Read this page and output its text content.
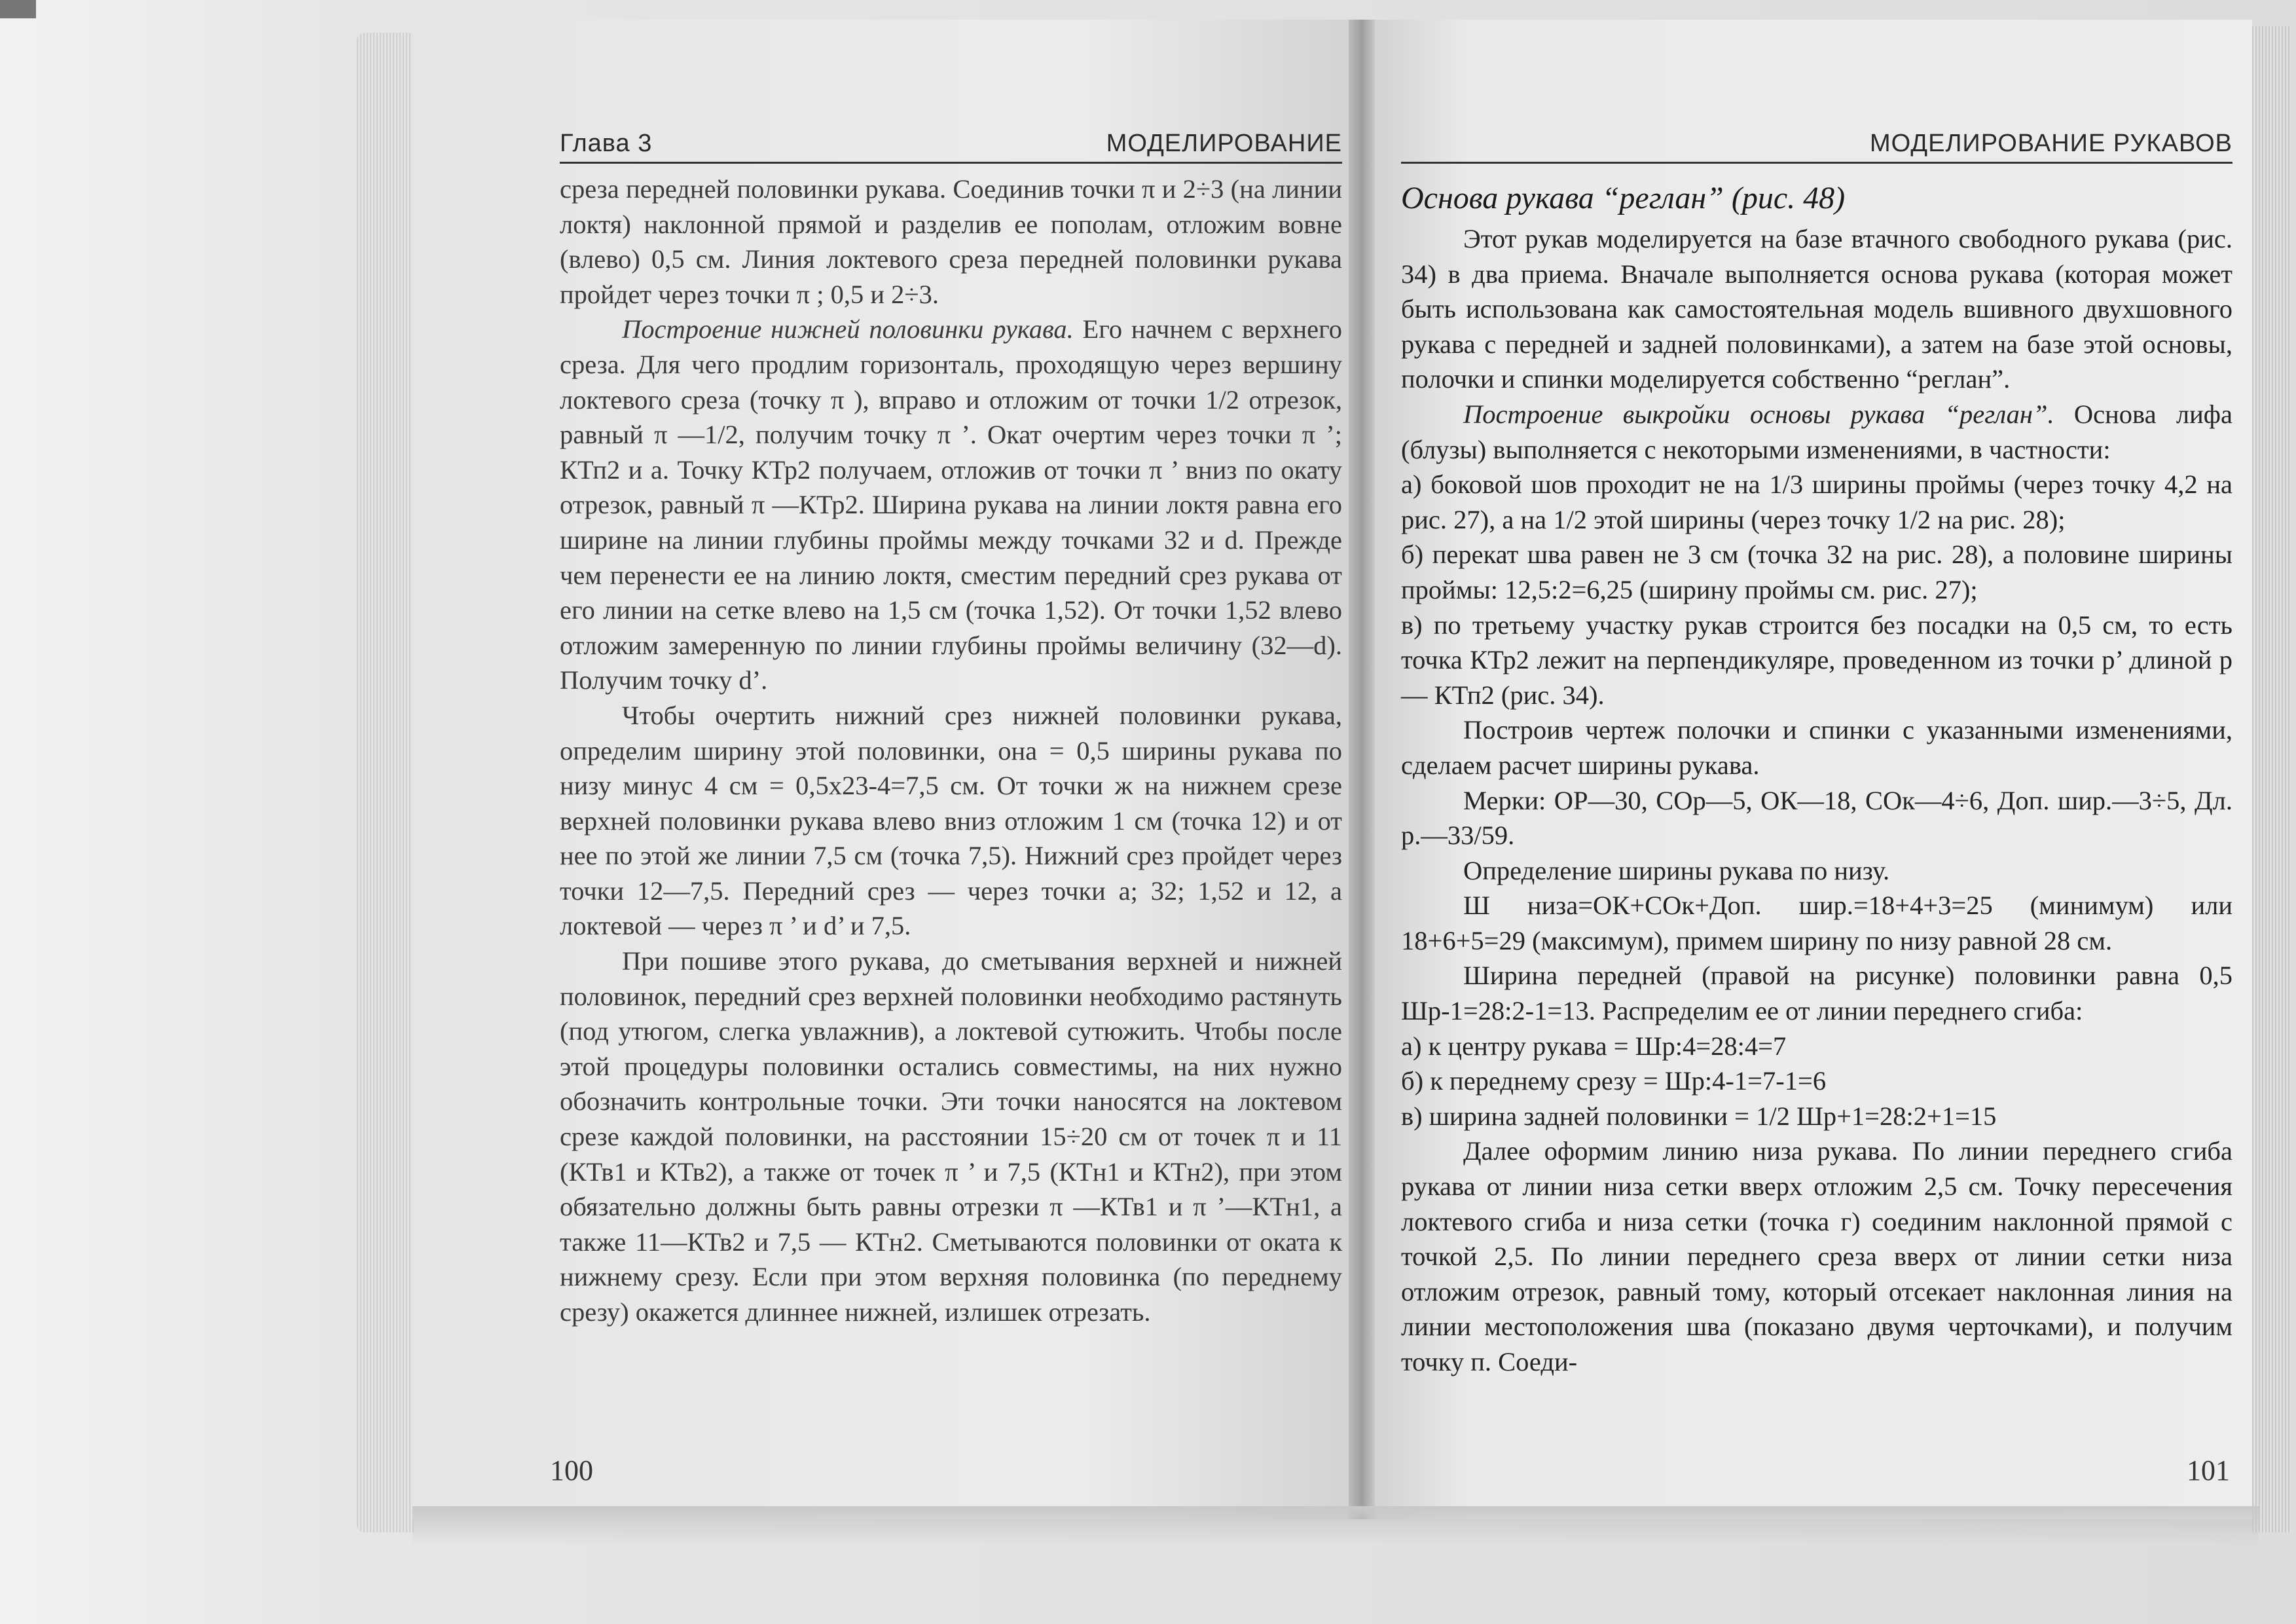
Глава 3	МОДЕЛИРОВАНИЕ

среза передней половинки рукава. Соединив точки π и 2÷3 (на линии локтя) наклонной прямой и разделив ее пополам, отложим вовне (влево) 0,5 см. Линия локтевого среза передней половинки рукава пройдет через точки π ; 0,5 и 2÷3.

Построение нижней половинки рукава. Его начнем с верхнего среза. Для чего продлим горизонталь, проходящую через вершину локтевого среза (точку π ), вправо и отложим от точки 1/2 отрезок, равный π —1/2, получим точку π ’. Окат очертим через точки π ’; КТп2 и a. Точку КТр2 получаем, отложив от точки π ’ вниз по окату отрезок, равный π —КТр2. Ширина рукава на линии локтя равна его ширине на линии глубины проймы между точками 32 и d. Прежде чем перенести ее на линию локтя, сместим передний срез рукава от его линии на сетке влево на 1,5 см (точка 1,52). От точки 1,52 влево отложим замеренную по линии глубины проймы величину (32—d). Получим точку d’.

Чтобы очертить нижний срез нижней половинки рукава, определим ширину этой половинки, она = 0,5 ширины рукава по низу минус 4 см = 0,5х23-4=7,5 см. От точки ж на нижнем срезе верхней половинки рукава влево вниз отложим 1 см (точка 12) и от нее по этой же линии 7,5 см (точка 7,5). Нижний срез пройдет через точки 12—7,5. Передний срез — через точки a; 32; 1,52 и 12, а локтевой — через π ’ и d’ и 7,5.

При пошиве этого рукава, до сметывания верхней и нижней половинок, передний срез верхней половинки необходимо растянуть (под утюгом, слегка увлажнив), а локтевой сутюжить. Чтобы после этой процедуры половинки остались совместимы, на них нужно обозначить контрольные точки. Эти точки наносятся на локтевом срезе каждой половинки, на расстоянии 15÷20 см от точек π и 11 (КТв1 и КТв2), а также от точек π ’ и 7,5 (КТн1 и КТн2), при этом обязательно должны быть равны отрезки π —КТв1 и π ’—КТн1, а также 11—КТв2 и 7,5 — КТн2. Сметываются половинки от оката к нижнему срезу. Если при этом верхняя половинка (по переднему срезу) окажется длиннее нижней, излишек отрезать.

100
МОДЕЛИРОВАНИЕ РУКАВОВ

Основа рукава “реглан” (рис. 48)

Этот рукав моделируется на базе втачного свободного рукава (рис. 34) в два приема. Вначале выполняется основа рукава (которая может быть использована как самостоятельная модель вшивного двухшовного рукава с передней и задней половинками), а затем на базе этой основы, полочки и спинки моделируется собственно “реглан”.

Построение выкройки основы рукава “реглан”. Основа лифа (блузы) выполняется с некоторыми изменениями, в частности:

а) боковой шов проходит не на 1/3 ширины проймы (через точку 4,2 на рис. 27), а на 1/2 этой ширины (через точку 1/2 на рис. 28);

б) перекат шва равен не 3 см (точка 32 на рис. 28), а половине ширины проймы: 12,5:2=6,25 (ширину проймы см. рис. 27);

в) по третьему участку рукав строится без посадки на 0,5 см, то есть точка КТр2 лежит на перпендикуляре, проведенном из точки р’ длиной р — КТп2 (рис. 34).

Построив чертеж полочки и спинки с указанными изменениями, сделаем расчет ширины рукава.

Мерки: ОР—30, СОр—5, ОК—18, СОк—4÷6, Доп. шир.—3÷5, Дл. р.—33/59.

Определение ширины рукава по низу.

Ш низа=ОК+СОк+Доп. шир.=18+4+3=25 (минимум) или 18+6+5=29 (максимум), примем ширину по низу равной 28 см.

Ширина передней (правой на рисунке) половинки равна 0,5 Шр-1=28:2-1=13. Распределим ее от линии переднего сгиба:

а) к центру рукава = Шр:4=28:4=7

б) к переднему срезу = Шр:4-1=7-1=6

в) ширина задней половинки = 1/2 Шр+1=28:2+1=15

Далее оформим линию низа рукава. По линии переднего сгиба рукава от линии низа сетки вверх отложим 2,5 см. Точку пересечения локтевого сгиба и низа сетки (точка г) соединим наклонной прямой с точкой 2,5. По линии переднего среза вверх от линии сетки низа отложим отрезок, равный тому, который отсекает наклонная линия на линии местоположения шва (показано двумя черточками), и получим точку п. Соеди-

101
